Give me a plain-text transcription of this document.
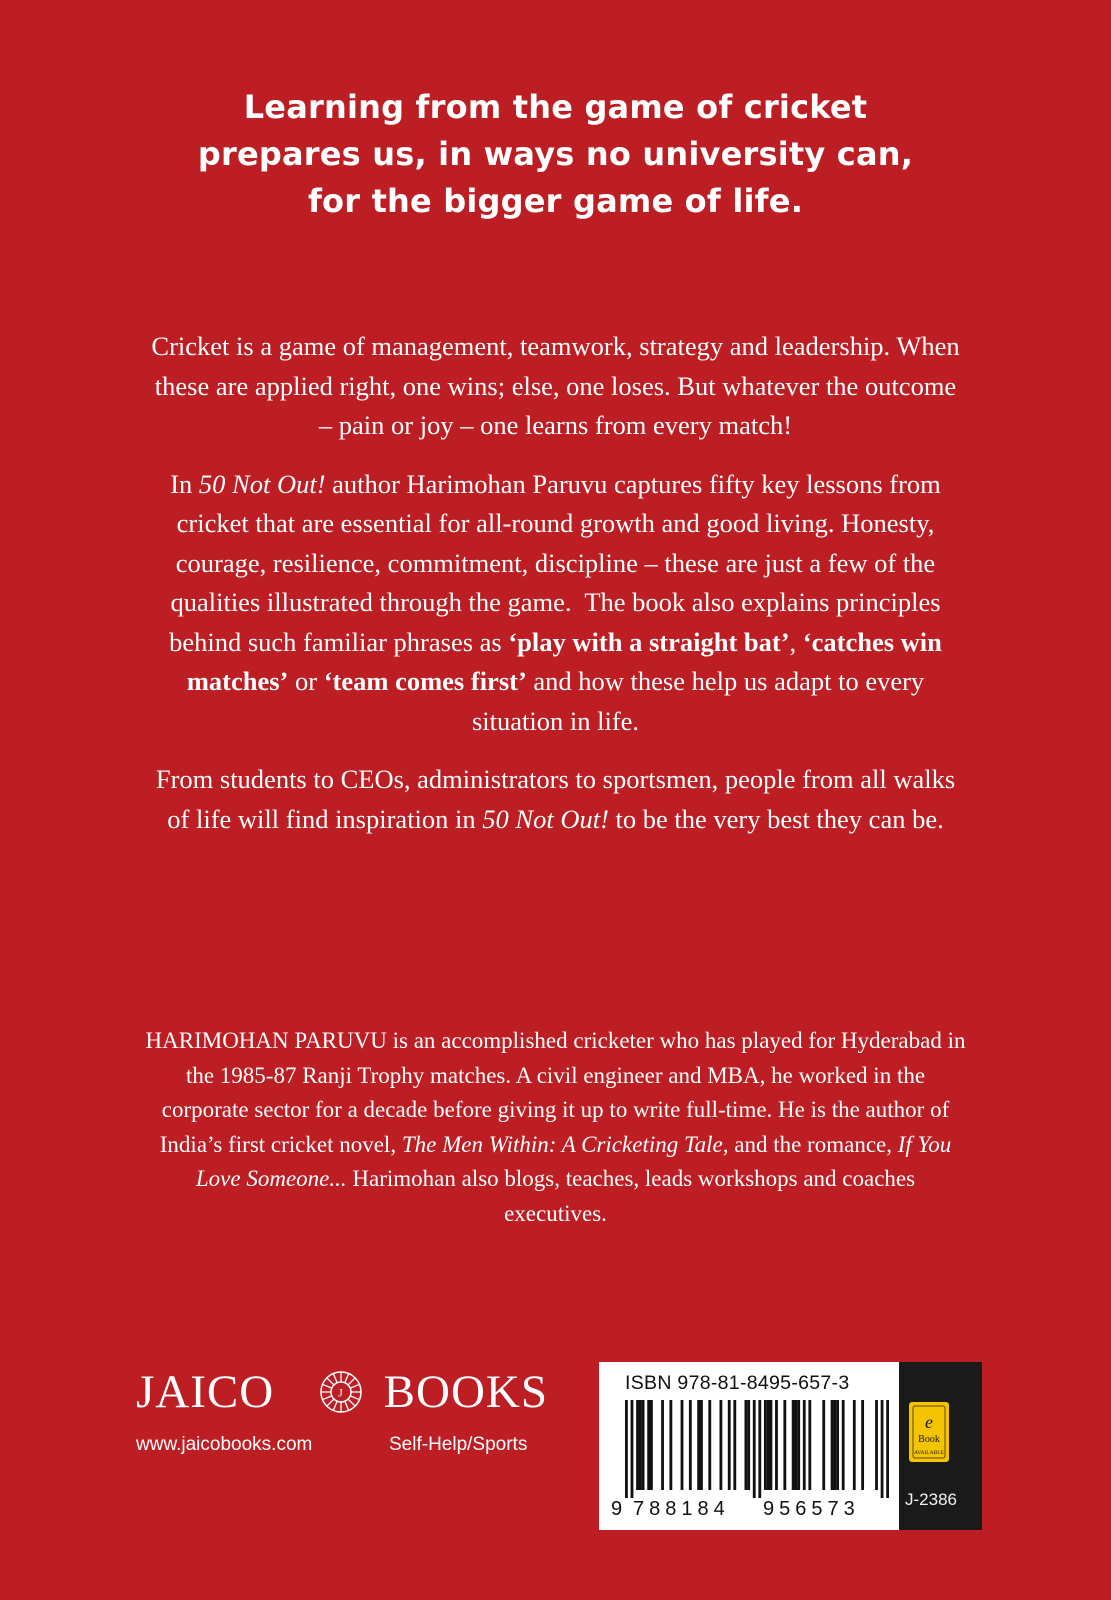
Learning from the game of cricket
prepares us, in ways no university can,
for the bigger game of life.

Cricket is a game of management, teamwork, strategy and leadership. When these are applied right, one wins; else, one loses. But whatever the outcome – pain or joy – one learns from every match!

In 50 Not Out! author Harimohan Paruvu captures fifty key lessons from cricket that are essential for all-round growth and good living. Honesty, courage, resilience, commitment, discipline – these are just a few of the qualities illustrated through the game.  The book also explains principles behind such familiar phrases as ‘play with a straight bat’, ‘catches win matches’ or ‘team comes first’ and how these help us adapt to every situation in life.

From students to CEOs, administrators to sportsmen, people from all walks of life will find inspiration in 50 Not Out! to be the very best they can be.

HARIMOHAN PARUVU is an accomplished cricketer who has played for Hyderabad in the 1985-87 Ranji Trophy matches. A civil engineer and MBA, he worked in the corporate sector for a decade before giving it up to write full-time. He is the author of India’s first cricket novel, The Men Within: A Cricketing Tale, and the romance, If You Love Someone... Harimohan also blogs, teaches, leads workshops and coaches executives.

JAICO	J BOOKS
www.jaicobooks.com	Self-Help/Sports
ISBN 978-81-8495-657-3
9 788184 956573
e
Book
AVAILABLE
J-2386
